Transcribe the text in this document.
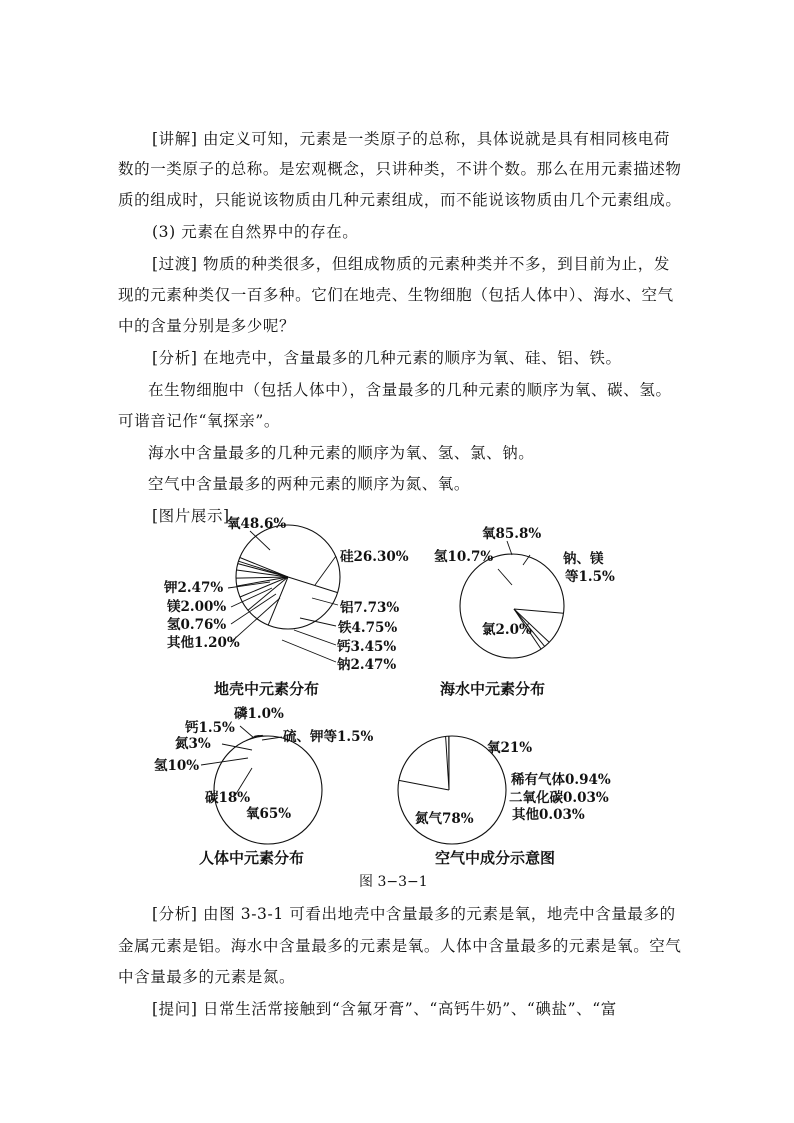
[讲解] 由定义可知，元素是一类原子的总称，具体说就是具有相同核电荷
数的一类原子的总称。是宏观概念，只讲种类，不讲个数。那么在用元素描述物
质的组成时，只能说该物质由几种元素组成，而不能说该物质由几个元素组成。
(3) 元素在自然界中的存在。
[过渡] 物质的种类很多，但组成物质的元素种类并不多，到目前为止，发
现的元素种类仅一百多种。它们在地壳、生物细胞（包括人体中）、海水、空气
中的含量分别是多少呢？
[分析] 在地壳中，含量最多的几种元素的顺序为氧、硅、铝、铁。
在生物细胞中（包括人体中），含量最多的几种元素的顺序为氧、碳、氢。
可谐音记作“氧探亲”。
海水中含量最多的几种元素的顺序为氧、氢、氯、钠。
空气中含量最多的两种元素的顺序为氮、氧。
[图片展示]
氧48.6%
硅26.30%
铝7.73%
铁4.75%
钙3.45%
钠2.47%
钾2.47%
镁2.00%
氢0.76%
其他1.20%
地壳中元素分布
氧85.8%
氢10.7%
氯2.0%
钠、镁
等1.5%
海水中元素分布
磷1.0%
钙1.5%
氮3%
氢10%
碳18%
氧65%
硫、钾等1.5%
人体中元素分布
氮气78%
氧21%
稀有气体0.94%
二氧化碳0.03%
其他0.03%
空气中成分示意图
图 3−3−1
[分析] 由图 3-3-1 可看出地壳中含量最多的元素是氧，地壳中含量最多的
金属元素是铝。海水中含量最多的元素是氧。人体中含量最多的元素是氧。空气
中含量最多的元素是氮。
[提问] 日常生活常接触到“含氟牙膏”、“高钙牛奶”、“碘盐”、“富
